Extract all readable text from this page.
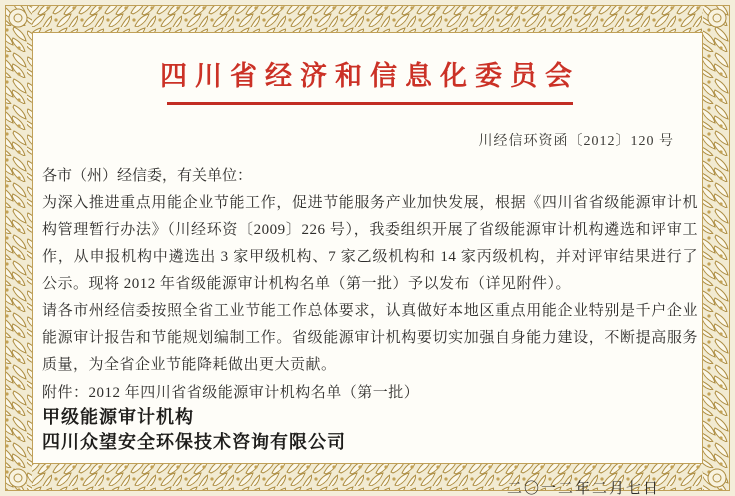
四川省经济和信息化委员会
川经信环资函〔2012〕120 号
各市（州）经信委，有关单位：

为深入推进重点用能企业节能工作，促进节能服务产业加快发展，根据《四川省省级能源审计机构管理暂行办法》（川经环资〔2009〕226 号），我委组织开展了省级能源审计机构遴选和评审工作，从申报机构中遴选出 3 家甲级机构、7 家乙级机构和 14 家丙级机构，并对评审结果进行了公示。现将 2012 年省级能源审计机构名单（第一批）予以发布（详见附件）。

请各市州经信委按照全省工业节能工作总体要求，认真做好本地区重点用能企业特别是千户企业能源审计报告和节能规划编制工作。省级能源审计机构要切实加强自身能力建设，不断提高服务质量，为全省企业节能降耗做出更大贡献。

附件：2012 年四川省省级能源审计机构名单（第一批）
甲级能源审计机构
四川众望安全环保技术咨询有限公司
二〇一二年二月七日
